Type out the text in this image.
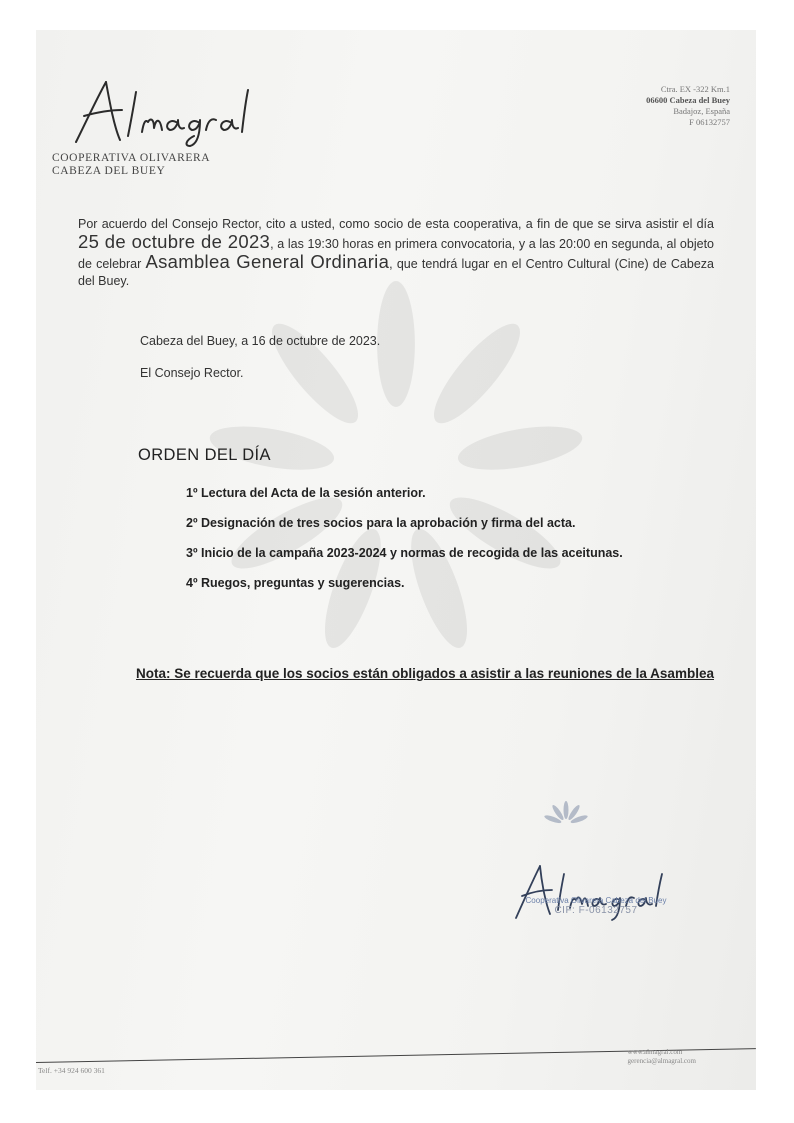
COOPERATIVA OLIVARERA
CABEZA DEL BUEY
Ctra. EX -322 Km.1
06600 Cabeza del Buey
Badajoz, España
F 06132757

Por acuerdo del Consejo Rector, cito a usted, como socio de esta cooperativa, a fin de que se sirva asistir el día 25 de octubre de 2023, a las 19:30 horas en primera convocatoria, y a las 20:00 en segunda, al objeto de celebrar Asamblea General Ordinaria, que tendrá lugar en el Centro Cultural (Cine) de Cabeza del Buey.

Cabeza del Buey, a 16 de octubre de 2023.
El Consejo Rector.
ORDEN DEL DÍA
1º Lectura del Acta de la sesión anterior.
2º Designación de tres socios para la aprobación y firma del acta.
3º Inicio de la campaña 2023-2024 y normas de recogida de las aceitunas.
4º Ruegos, preguntas y sugerencias.
Nota: Se recuerda que los socios están obligados a asistir a las reuniones de la Asamblea
Cooperativa Olivarera Cabeza del Buey
CIF: F-06132757
Telf. +34 924 600 361
www.almagral.com
gerencia@almagral.com
